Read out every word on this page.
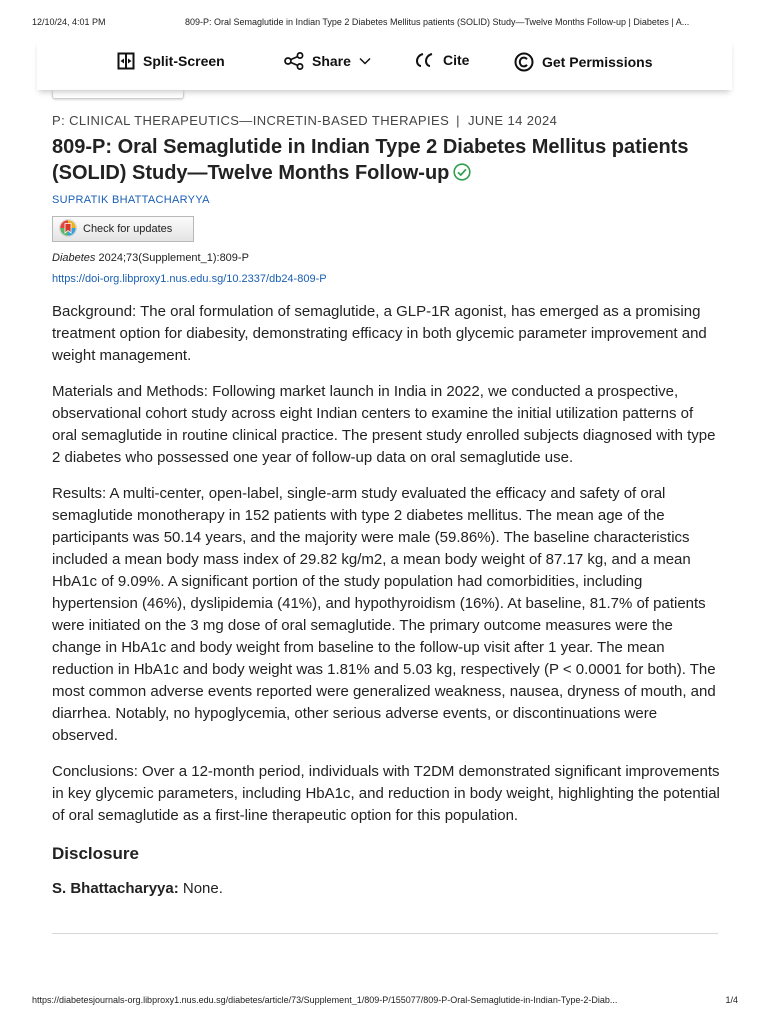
12/10/24, 4:01 PM	809-P: Oral Semaglutide in Indian Type 2 Diabetes Mellitus patients (SOLID) Study—Twelve Months Follow-up | Diabetes | A...
Split-Screen	Share	Cite	Get Permissions
P: CLINICAL THERAPEUTICS—INCRETIN-BASED THERAPIES | JUNE 14 2024
809-P: Oral Semaglutide in Indian Type 2 Diabetes Mellitus patients (SOLID) Study—Twelve Months Follow-up
SUPRATIK BHATTACHARYYA
Check for updates
Diabetes 2024;73(Supplement_1):809-P
https://doi-org.libproxy1.nus.edu.sg/10.2337/db24-809-P

Background: The oral formulation of semaglutide, a GLP-1R agonist, has emerged as a promising treatment option for diabesity, demonstrating efficacy in both glycemic parameter improvement and weight management.

Materials and Methods: Following market launch in India in 2022, we conducted a prospective, observational cohort study across eight Indian centers to examine the initial utilization patterns of oral semaglutide in routine clinical practice. The present study enrolled subjects diagnosed with type 2 diabetes who possessed one year of follow-up data on oral semaglutide use.

Results: A multi-center, open-label, single-arm study evaluated the efficacy and safety of oral semaglutide monotherapy in 152 patients with type 2 diabetes mellitus. The mean age of the participants was 50.14 years, and the majority were male (59.86%). The baseline characteristics included a mean body mass index of 29.82 kg/m2, a mean body weight of 87.17 kg, and a mean HbA1c of 9.09%. A significant portion of the study population had comorbidities, including hypertension (46%), dyslipidemia (41%), and hypothyroidism (16%). At baseline, 81.7% of patients were initiated on the 3 mg dose of oral semaglutide. The primary outcome measures were the change in HbA1c and body weight from baseline to the follow-up visit after 1 year. The mean reduction in HbA1c and body weight was 1.81% and 5.03 kg, respectively (P < 0.0001 for both). The most common adverse events reported were generalized weakness, nausea, dryness of mouth, and diarrhea. Notably, no hypoglycemia, other serious adverse events, or discontinuations were observed.

Conclusions: Over a 12-month period, individuals with T2DM demonstrated significant improvements in key glycemic parameters, including HbA1c, and reduction in body weight, highlighting the potential of oral semaglutide as a first-line therapeutic option for this population.

Disclosure
S. Bhattacharyya: None.
https://diabetesjournals-org.libproxy1.nus.edu.sg/diabetes/article/73/Supplement_1/809-P/155077/809-P-Oral-Semaglutide-in-Indian-Type-2-Diab...	1/4
